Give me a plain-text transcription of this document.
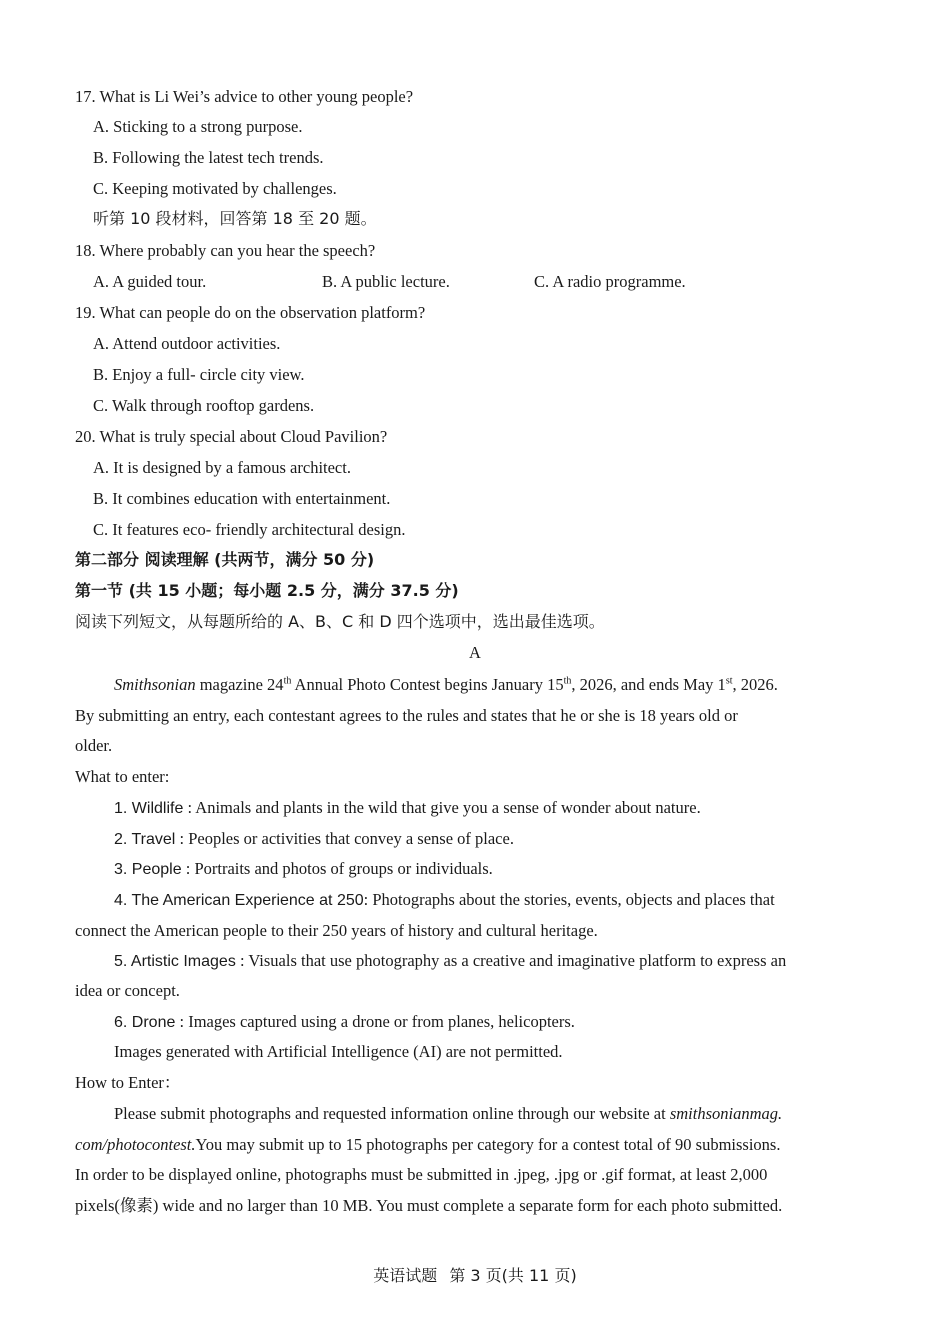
17. What is Li Wei’s advice to other young people?
A. Sticking to a strong purpose.
B. Following the latest tech trends.
C. Keeping motivated by challenges.
听第 10 段材料，回答第 18 至 20 题。
18. Where probably can you hear the speech?
A. A guided tour.	B. A public lecture.	C. A radio programme.
19. What can people do on the observation platform?
A. Attend outdoor activities.
B. Enjoy a full- circle city view.
C. Walk through rooftop gardens.
20. What is truly special about Cloud Pavilion?
A. It is designed by a famous architect.
B. It combines education with entertainment.
C. It features eco- friendly architectural design.
第二部分 阅读理解 (共两节，满分 50 分)
第一节 (共 15 小题；每小题 2.5 分，满分 37.5 分)
阅读下列短文，从每题所给的 A、B、C 和 D 四个选项中，选出最佳选项。
A
Smithsonian magazine 24th Annual Photo Contest begins January 15th, 2026, and ends May 1st, 2026.
By submitting an entry, each contestant agrees to the rules and states that he or she is 18 years old or
older.
What to enter:
1. Wildlife : Animals and plants in the wild that give you a sense of wonder about nature.
2. Travel : Peoples or activities that convey a sense of place.
3. People : Portraits and photos of groups or individuals.
4. The American Experience at 250: Photographs about the stories, events, objects and places that
connect the American people to their 250 years of history and cultural heritage.
5. Artistic Images : Visuals that use photography as a creative and imaginative platform to express an
idea or concept.
6. Drone : Images captured using a drone or from planes, helicopters.
Images generated with Artificial Intelligence (AI) are not permitted.
How to Enter：
Please submit photographs and requested information online through our website at smithsonianmag.
com/photocontest.You may submit up to 15 photographs per category for a contest total of 90 submissions.
In order to be displayed online, photographs must be submitted in .jpeg, .jpg or .gif format, at least 2,000
pixels(像素) wide and no larger than 10 MB. You must complete a separate form for each photo submitted.
英语试题 第 3 页(共 11 页)
